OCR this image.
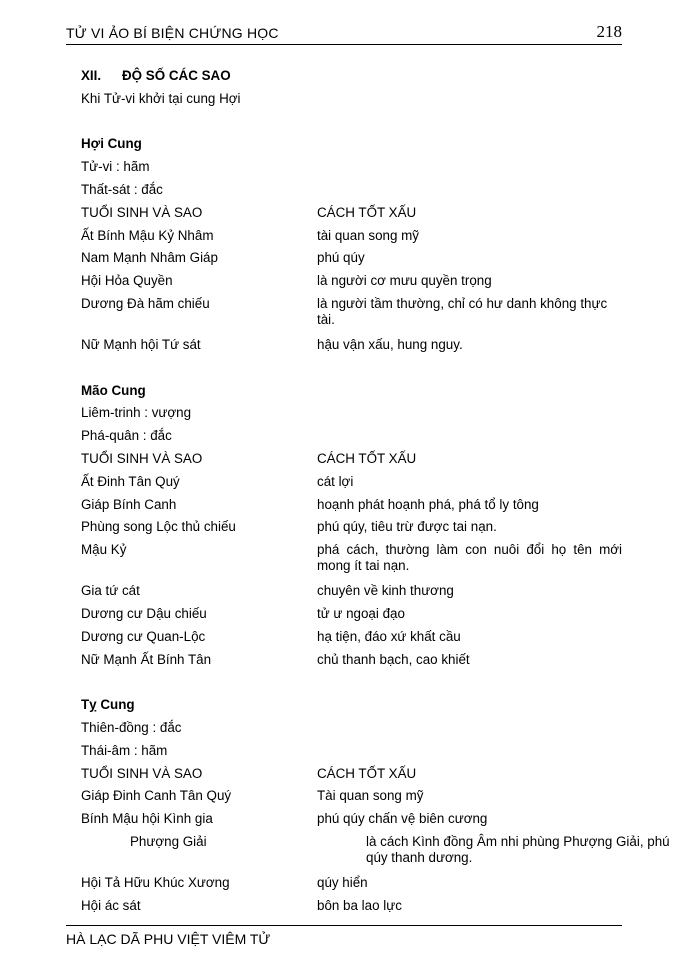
TỬ VI ẢO BÍ BIỆN CHỨNG HỌC	218
XII. ĐỘ SỐ CÁC SAO
Khi Tử-vi khởi tại cung Hợi
Hợi Cung
Tử-vi : hãm
Thất-sát : đắc
TUỔI SINH VÀ SAO	CÁCH TỐT XẤU
Ất Bính Mậu Kỷ Nhâm	tài quan song mỹ
Nam Mạnh Nhâm Giáp	phú qúy
Hội Hỏa Quyền	là người cơ mưu quyền trọng
Dương Đà hãm chiếu	là người tầm thường, chỉ có hư danh không thực tài.
Nữ Mạnh hội Tứ sát	hậu vận xấu, hung nguy.
Mão Cung
Liêm-trinh : vượng
Phá-quân : đắc
TUỔI SINH VÀ SAO	CÁCH TỐT XẤU
Ất Đinh Tân Quý	cát lợi
Giáp Bính Canh	hoạnh phát hoạnh phá, phá tổ ly tông
Phùng song Lộc thủ chiếu	phú qúy, tiêu trừ được tai nạn.
Mậu Kỷ	phá cách, thường làm con nuôi đổi họ tên mới mong ít tai nạn.
Gia tứ cát	chuyên về kinh thương
Dương cư Dậu chiếu	tử ư ngoại đạo
Dương cư Quan-Lộc	hạ tiện, đáo xứ khất cầu
Nữ Mạnh Ất Bính Tân	chủ thanh bạch, cao khiết
Tỵ Cung
Thiên-đồng : đắc
Thái-âm : hãm
TUỔI SINH VÀ SAO	CÁCH TỐT XẤU
Giáp Đinh Canh Tân Quý	Tài quan song mỹ
Bính Mậu hội Kình gia	phú qúy chấn vệ biên cương
Phượng Giải	là cách Kình đồng Âm nhi phùng Phượng Giải, phú qúy thanh dương.
Hội Tả Hữu Khúc Xương	qúy hiển
Hội ác sát	bôn ba lao lực
HÀ LẠC DÃ PHU VIỆT VIÊM TỬ
